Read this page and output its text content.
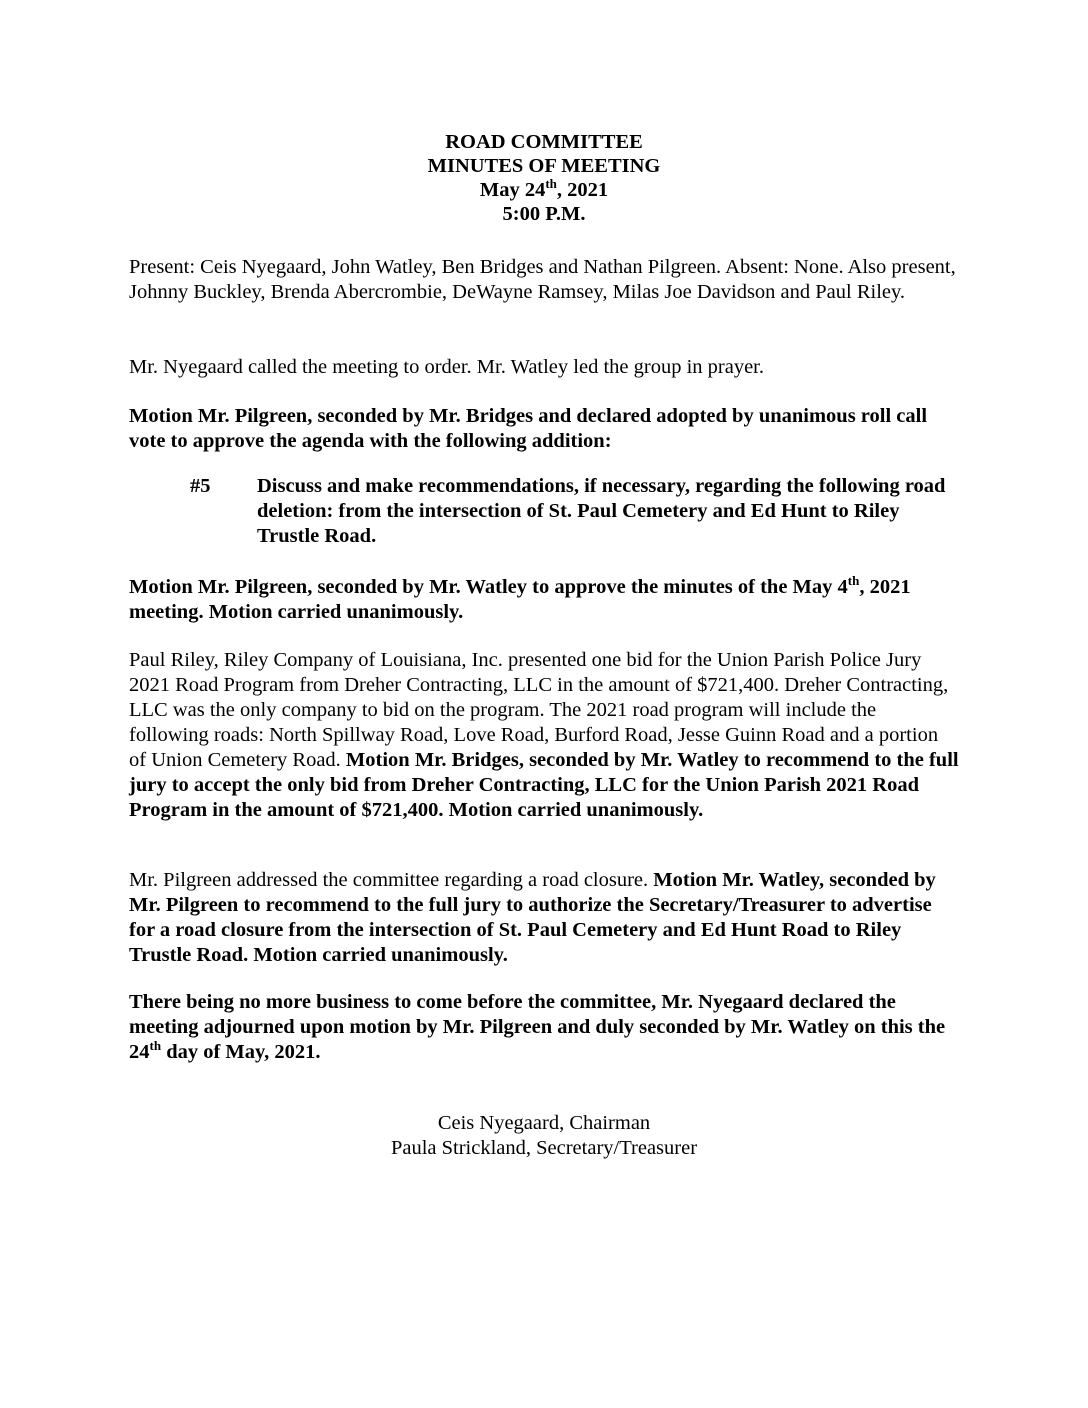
ROAD COMMITTEE
MINUTES OF MEETING
May 24th, 2021
5:00 P.M.

Present: Ceis Nyegaard, John Watley, Ben Bridges and Nathan Pilgreen. Absent: None. Also present, Johnny Buckley, Brenda Abercrombie, DeWayne Ramsey, Milas Joe Davidson and Paul Riley.

Mr. Nyegaard called the meeting to order. Mr. Watley led the group in prayer.

Motion Mr. Pilgreen, seconded by Mr. Bridges and declared adopted by unanimous roll call vote to approve the agenda with the following addition:

#5 Discuss and make recommendations, if necessary, regarding the following road deletion: from the intersection of St. Paul Cemetery and Ed Hunt to Riley Trustle Road.

Motion Mr. Pilgreen, seconded by Mr. Watley to approve the minutes of the May 4th, 2021 meeting. Motion carried unanimously.

Paul Riley, Riley Company of Louisiana, Inc. presented one bid for the Union Parish Police Jury 2021 Road Program from Dreher Contracting, LLC in the amount of $721,400. Dreher Contracting, LLC was the only company to bid on the program. The 2021 road program will include the following roads: North Spillway Road, Love Road, Burford Road, Jesse Guinn Road and a portion of Union Cemetery Road. Motion Mr. Bridges, seconded by Mr. Watley to recommend to the full jury to accept the only bid from Dreher Contracting, LLC for the Union Parish 2021 Road Program in the amount of $721,400. Motion carried unanimously.

Mr. Pilgreen addressed the committee regarding a road closure. Motion Mr. Watley, seconded by Mr. Pilgreen to recommend to the full jury to authorize the Secretary/Treasurer to advertise for a road closure from the intersection of St. Paul Cemetery and Ed Hunt Road to Riley Trustle Road. Motion carried unanimously.

There being no more business to come before the committee, Mr. Nyegaard declared the meeting adjourned upon motion by Mr. Pilgreen and duly seconded by Mr. Watley on this the 24th day of May, 2021.

Ceis Nyegaard, Chairman
Paula Strickland, Secretary/Treasurer
